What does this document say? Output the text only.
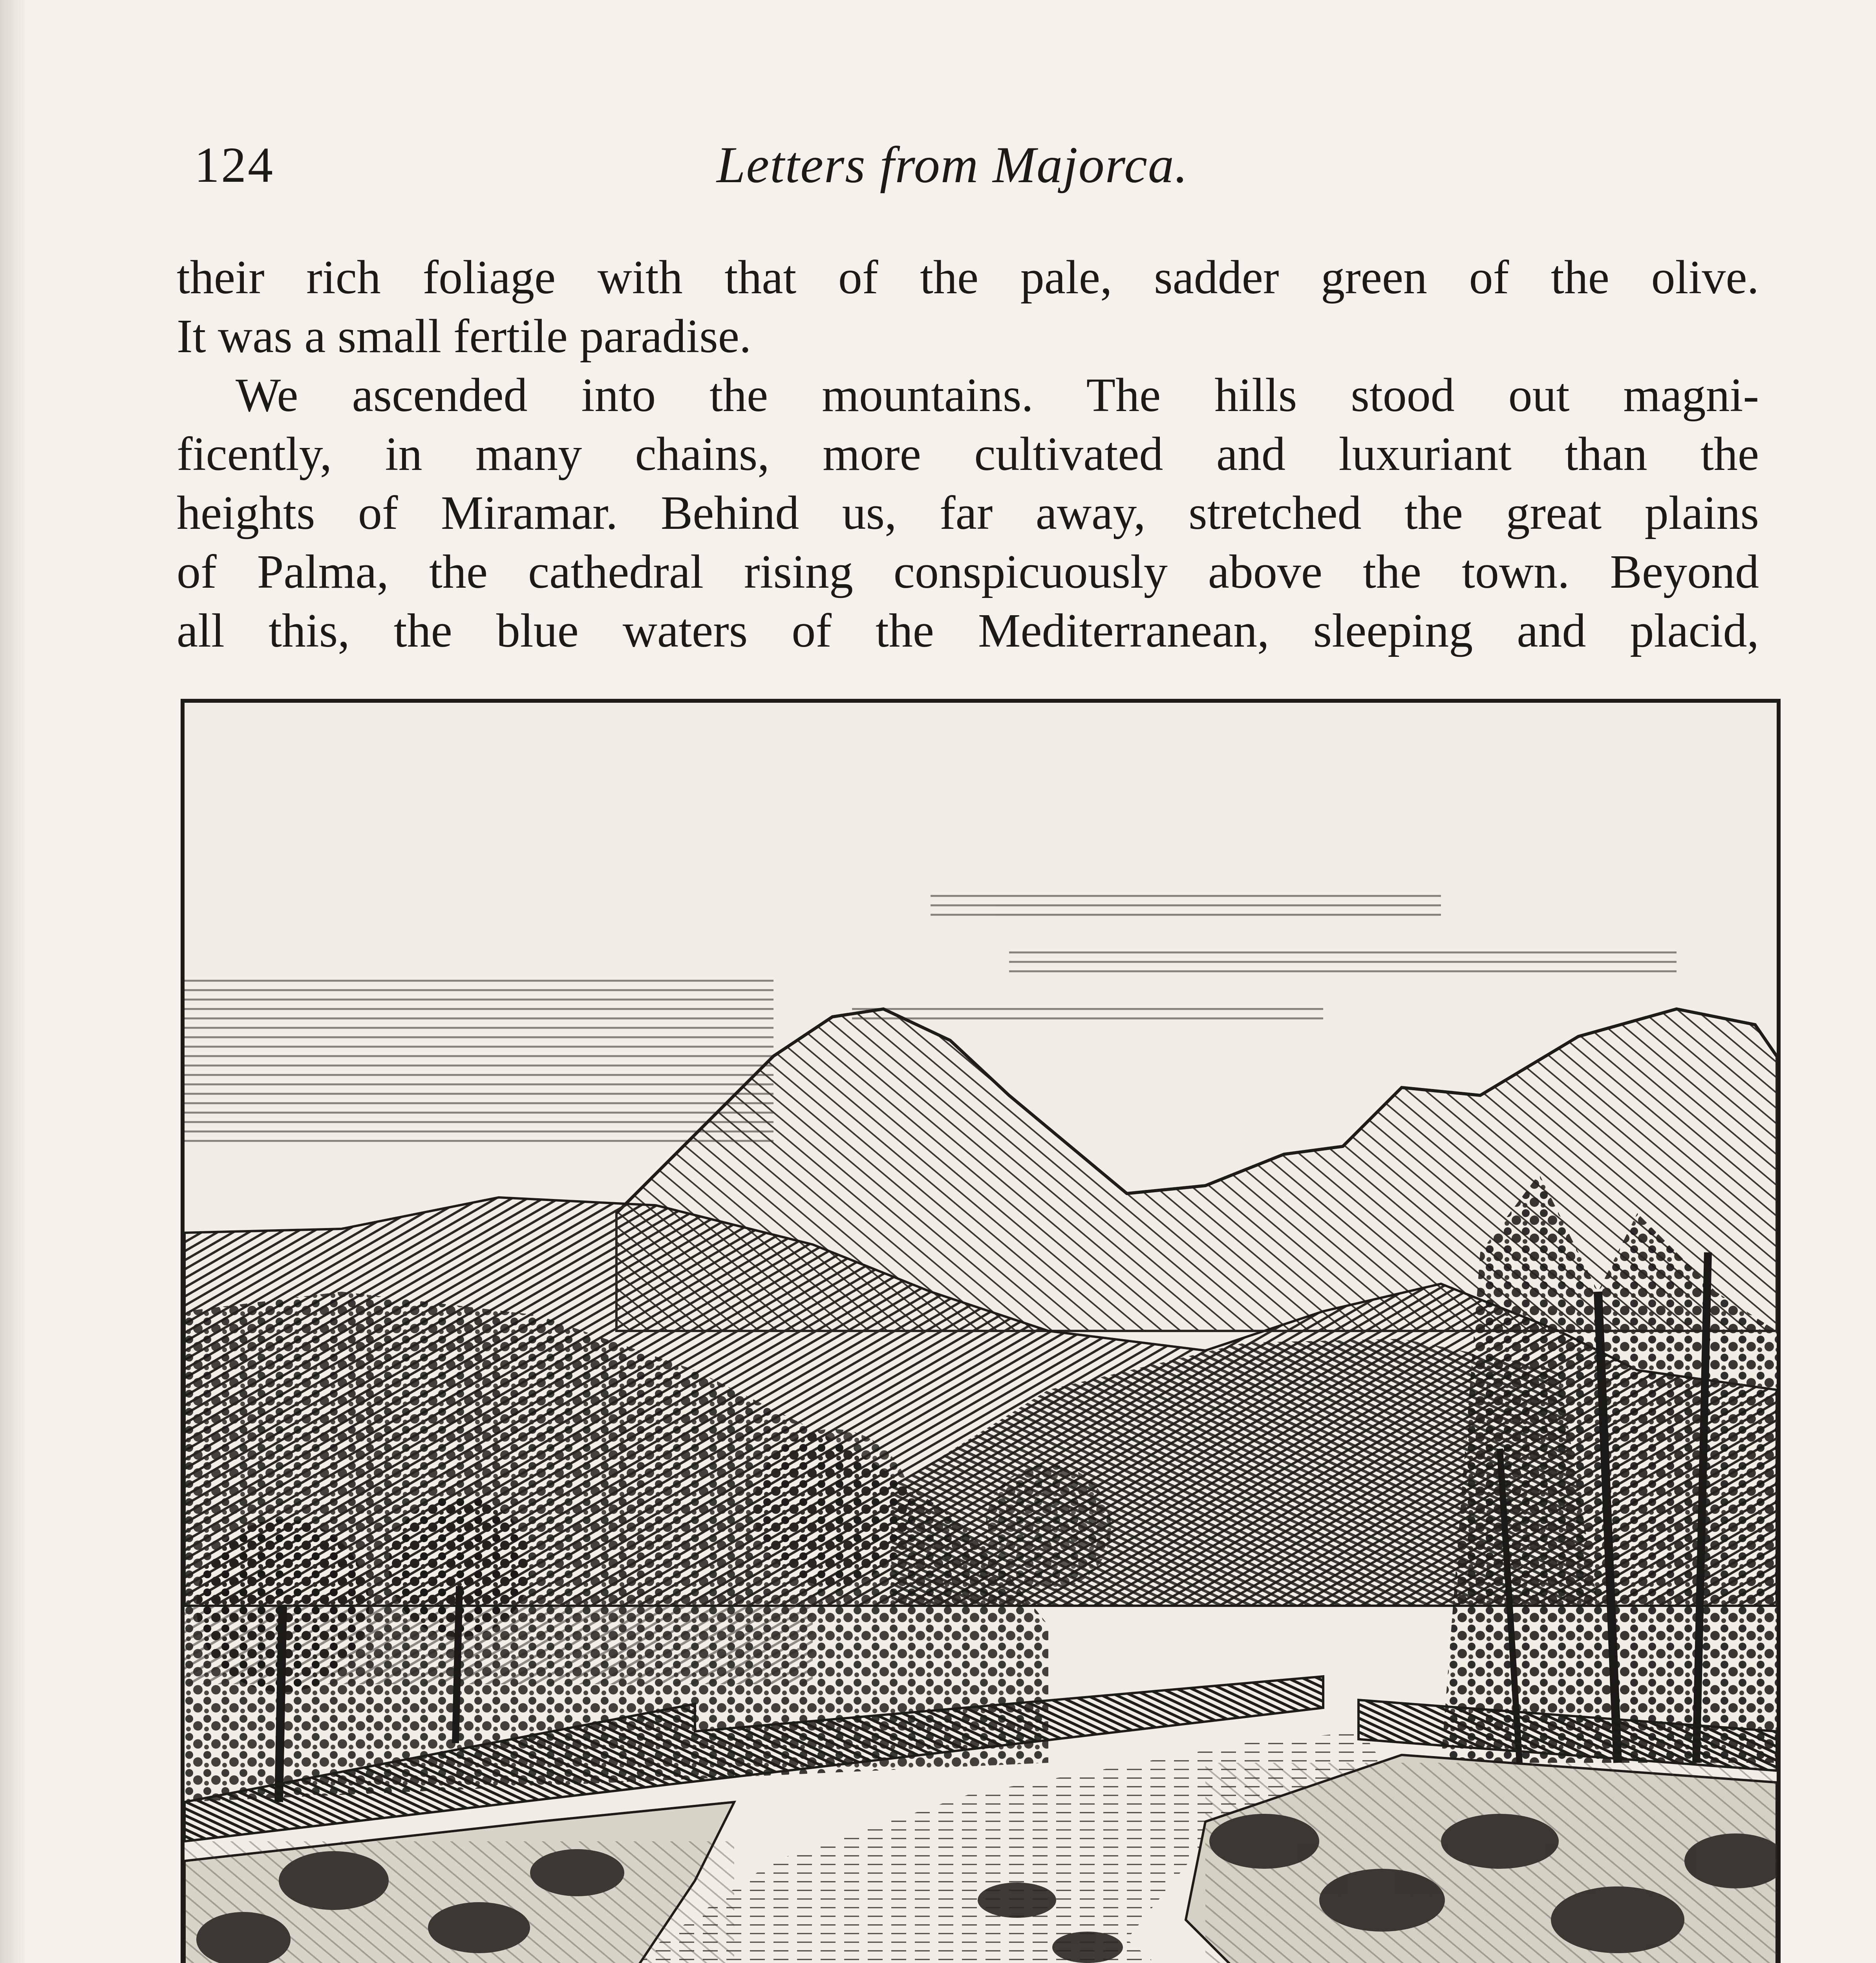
124	Letters from Majorca.

their rich foliage with that of the pale, sadder green of the olive.

It was a small fertile paradise.

We ascended into the mountains. The hills stood out magni-

ficently, in many chains, more cultivated and luxuriant than the

heights of Miramar. Behind us, far away, stretched the great plains

of Palma, the cathedral rising conspicuously above the town. Beyond

all this, the blue waters of the Mediterranean, sleeping and placid,
